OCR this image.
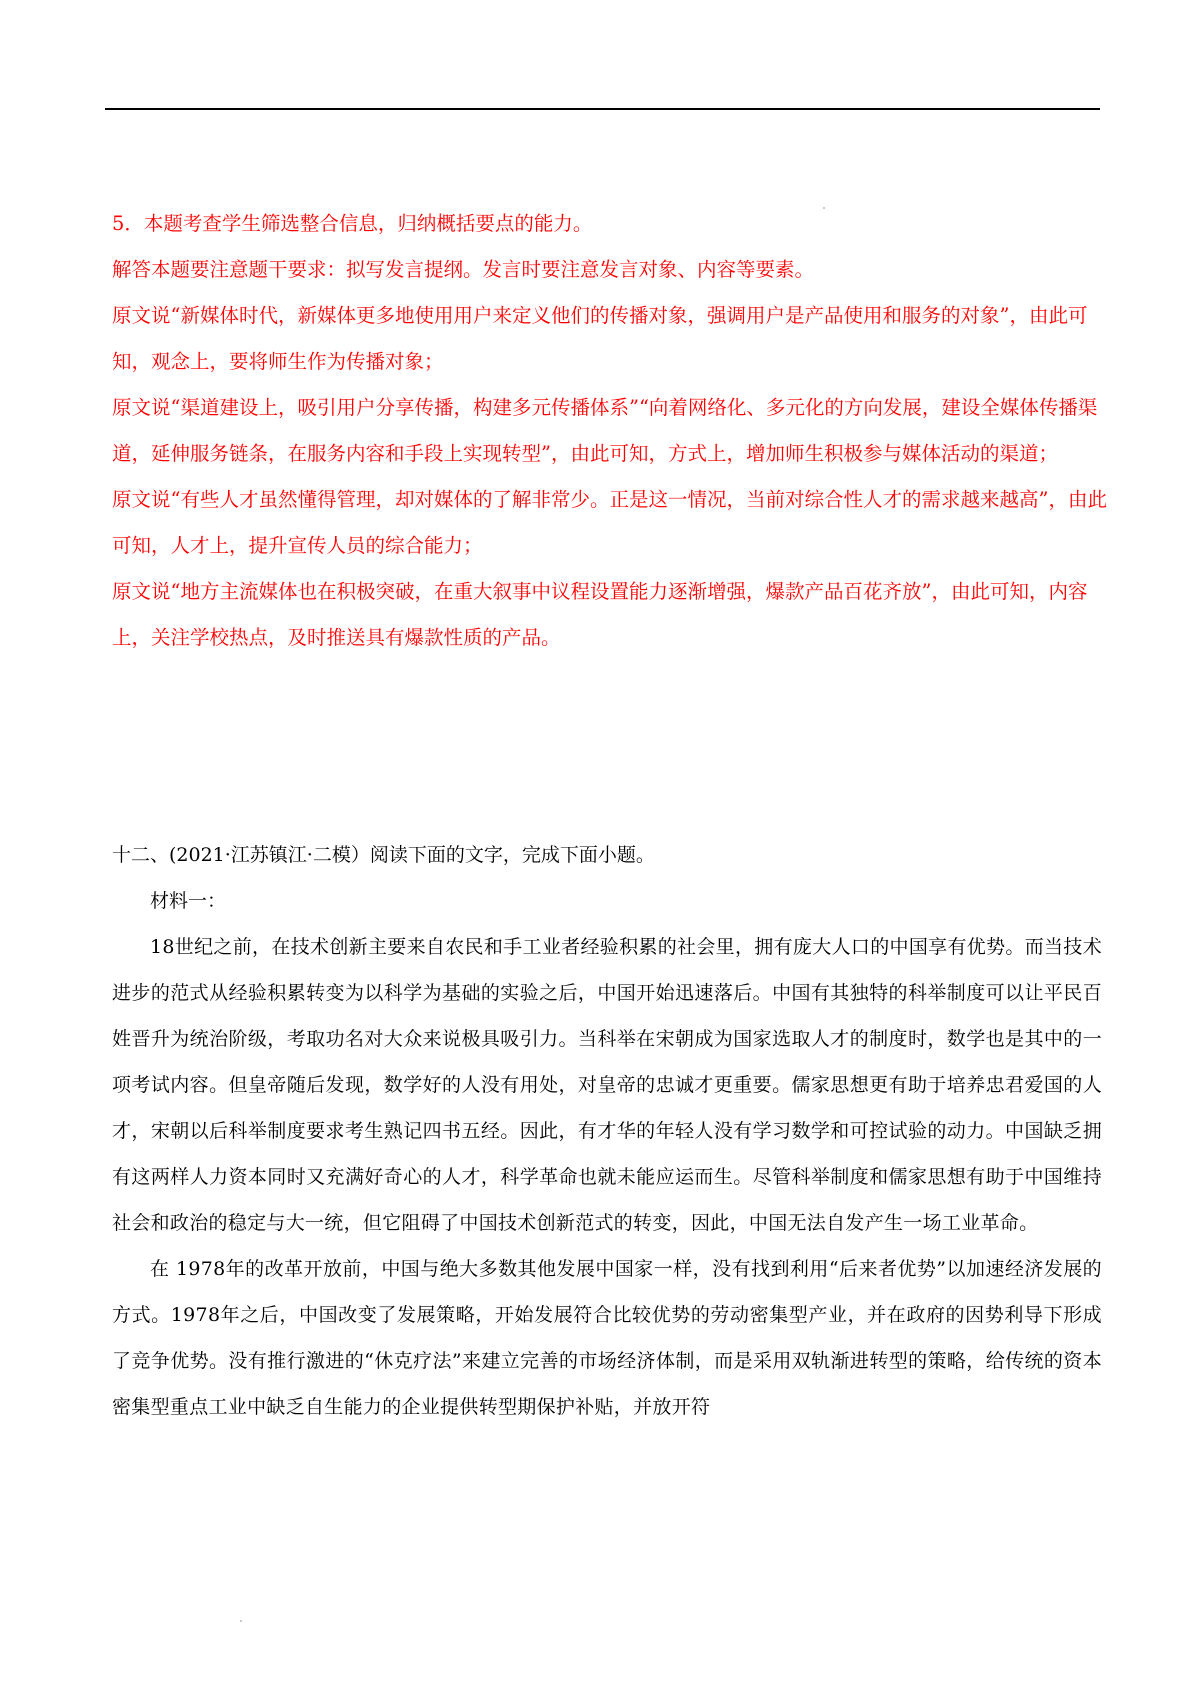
5．本题考查学生筛选整合信息，归纳概括要点的能力。

解答本题要注意题干要求：拟写发言提纲。发言时要注意发言对象、内容等要素。

原文说“新媒体时代，新媒体更多地使用用户来定义他们的传播对象，强调用户是产品使用和服务的对象”，由此可知，观念上，要将师生作为传播对象；

原文说“渠道建设上，吸引用户分享传播，构建多元传播体系”“向着网络化、多元化的方向发展，建设全媒体传播渠道，延伸服务链条，在服务内容和手段上实现转型”，由此可知，方式上，增加师生积极参与媒体活动的渠道；

原文说“有些人才虽然懂得管理，却对媒体的了解非常少。正是这一情况，当前对综合性人才的需求越来越高”，由此可知，人才上，提升宣传人员的综合能力；

原文说“地方主流媒体也在积极突破，在重大叙事中议程设置能力逐渐增强，爆款产品百花齐放”，由此可知，内容上，关注学校热点，及时推送具有爆款性质的产品。

十二、(2021·江苏镇江·二模）阅读下面的文字，完成下面小题。

材料一：

18世纪之前，在技术创新主要来自农民和手工业者经验积累的社会里，拥有庞大人口的中国享有优势。而当技术进步的范式从经验积累转变为以科学为基础的实验之后，中国开始迅速落后。中国有其独特的科举制度可以让平民百姓晋升为统治阶级，考取功名对大众来说极具吸引力。当科举在宋朝成为国家选取人才的制度时，数学也是其中的一项考试内容。但皇帝随后发现，数学好的人没有用处，对皇帝的忠诚才更重要。儒家思想更有助于培养忠君爱国的人才，宋朝以后科举制度要求考生熟记四书五经。因此，有才华的年轻人没有学习数学和可控试验的动力。中国缺乏拥有这两样人力资本同时又充满好奇心的人才，科学革命也就未能应运而生。尽管科举制度和儒家思想有助于中国维持社会和政治的稳定与大一统，但它阻碍了中国技术创新范式的转变，因此，中国无法自发产生一场工业革命。

在 1978年的改革开放前，中国与绝大多数其他发展中国家一样，没有找到利用“后来者优势”以加速经济发展的方式。1978年之后，中国改变了发展策略，开始发展符合比较优势的劳动密集型产业，并在政府的因势利导下形成了竞争优势。没有推行激进的“休克疗法”来建立完善的市场经济体制，而是采用双轨渐进转型的策略，给传统的资本密集型重点工业中缺乏自生能力的企业提供转型期保护补贴，并放开符
